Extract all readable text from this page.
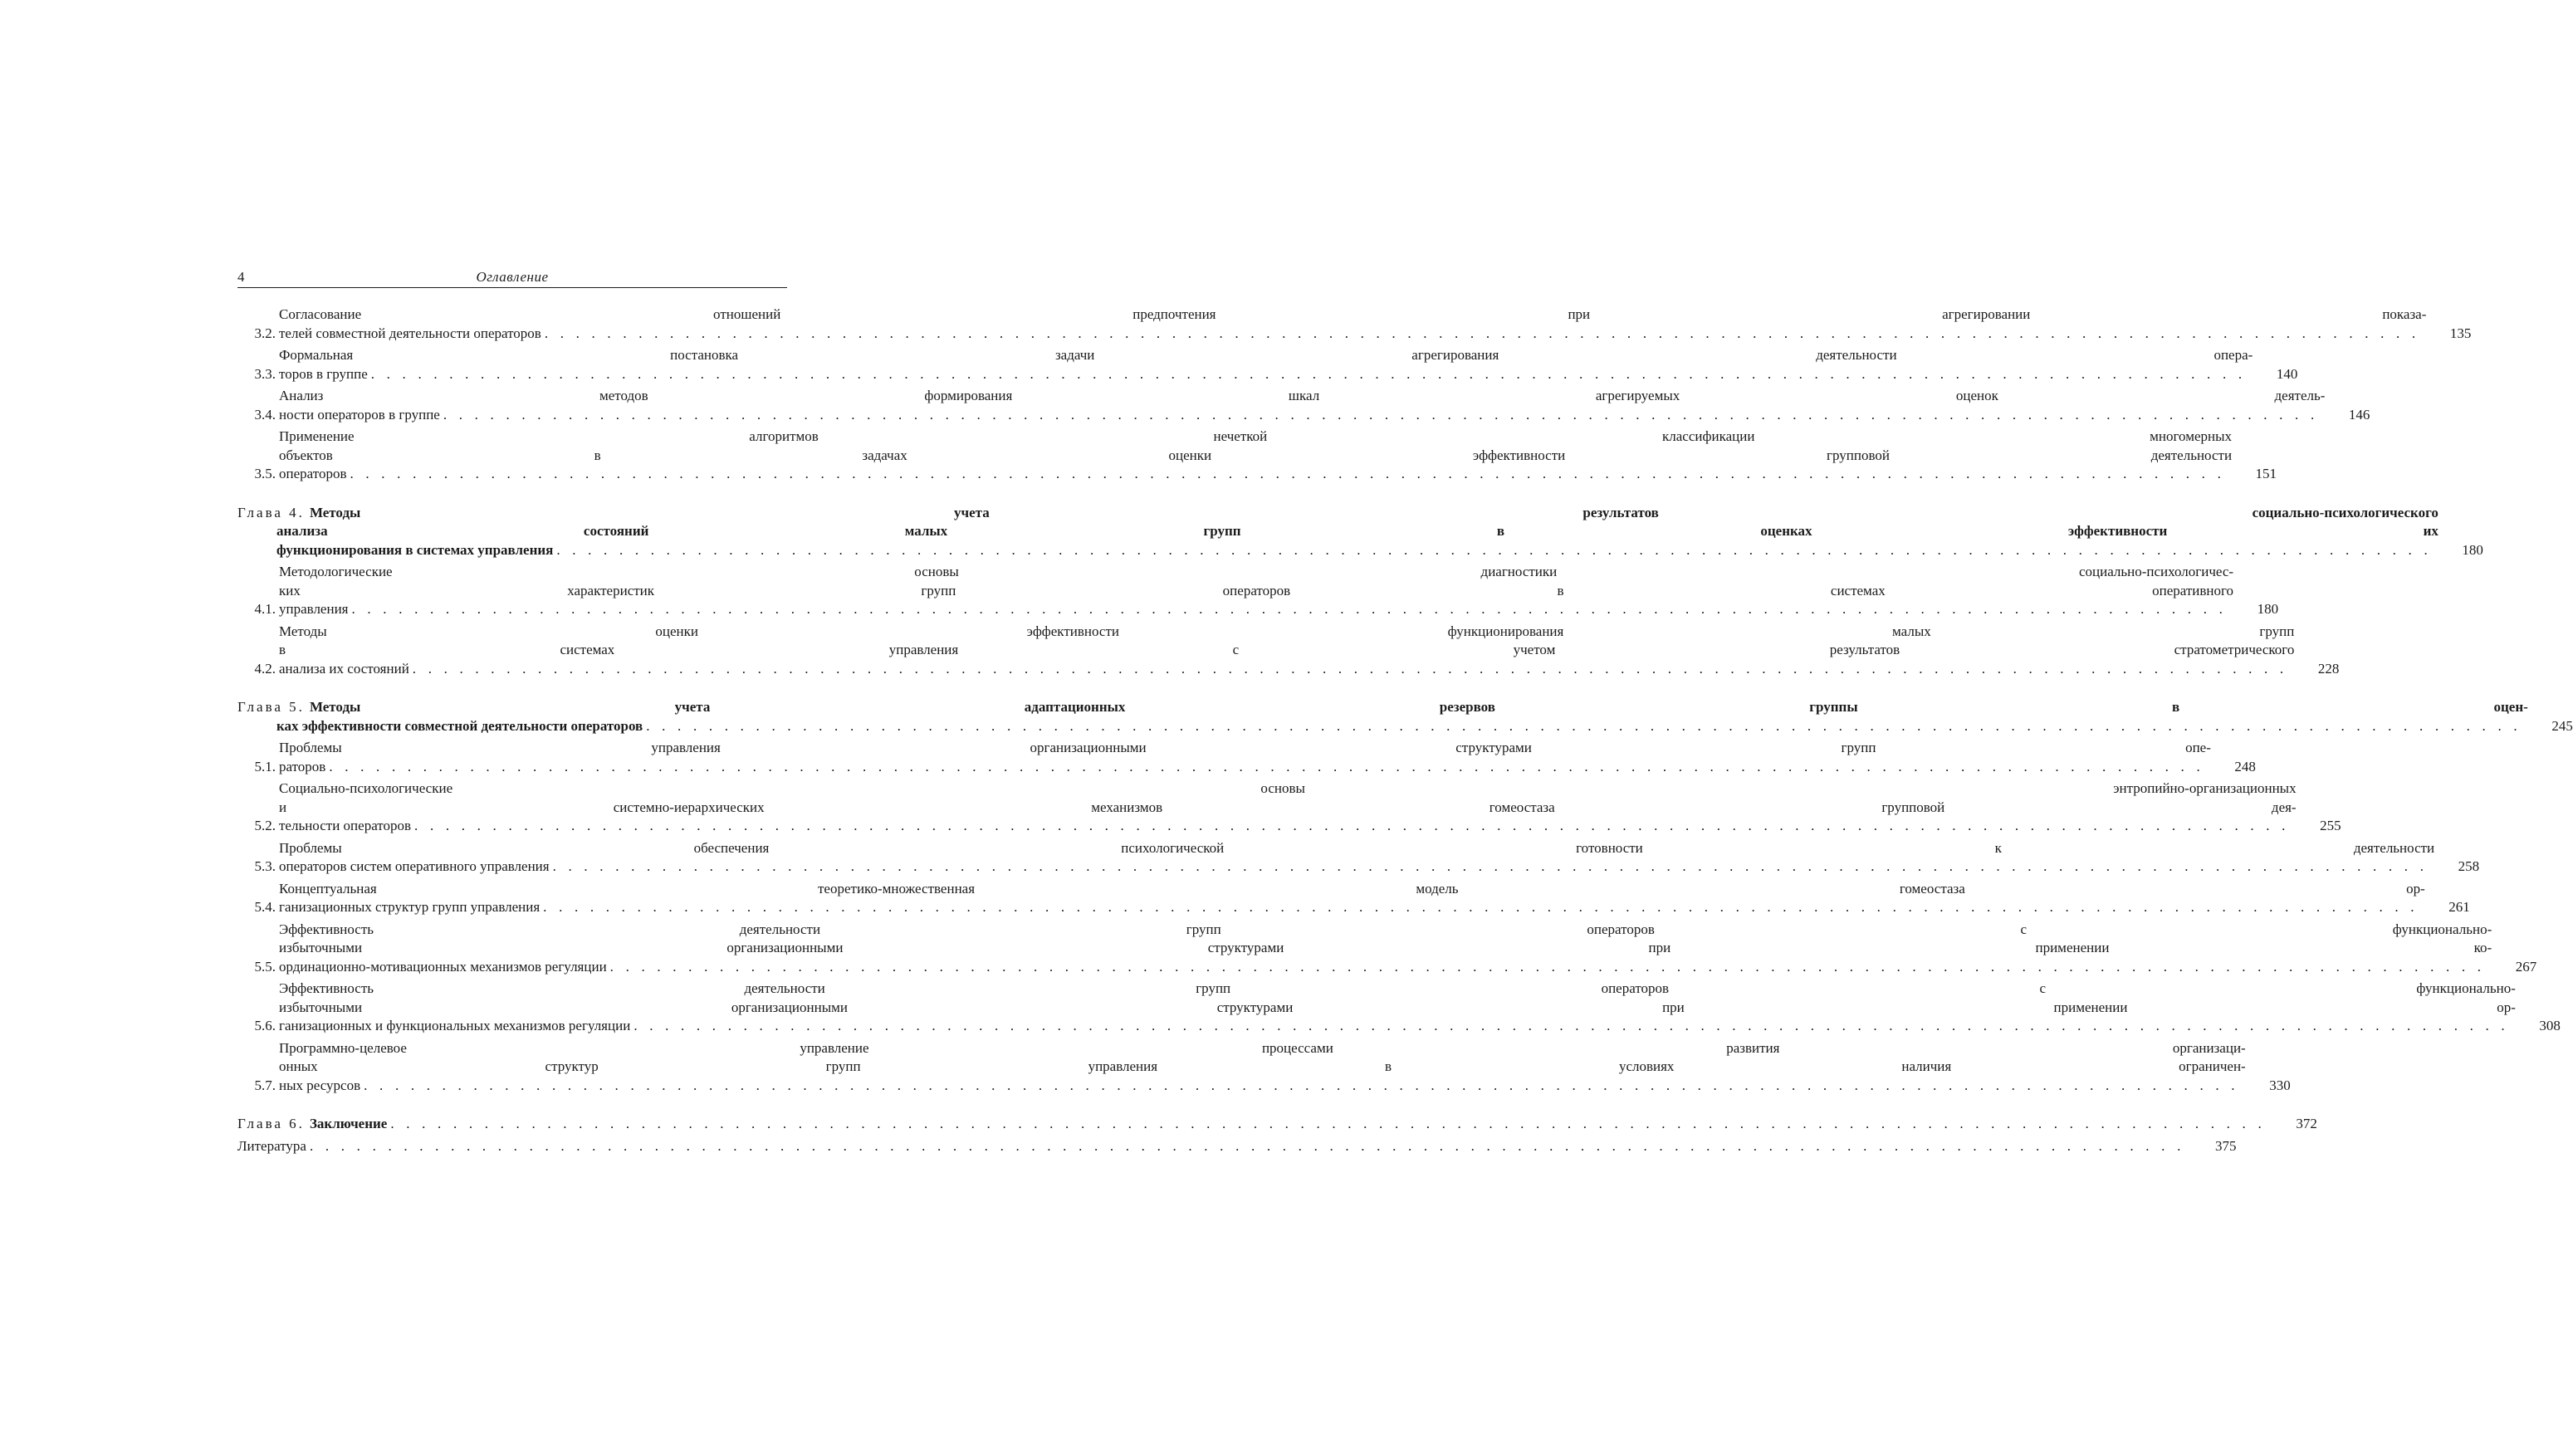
4	Оглавление
3.2.
Согласование отношений предпочтения при агрегировании показа-
телей совместной деятельности операторов . . . . . . . . . . . . . . . . . . . . . . . . . . . . . . . . . . . . . . . . . . . . . . . . . . . . . . . . . . . . . . . . . . . . . . . . . . . . . . . . . . . . . . . . . . . . . . . . . . . . . . . . . . . . . . . . . . . . . . . .	135
3.3.
Формальная постановка задачи агрегирования деятельности опера-
торов в группе . . . . . . . . . . . . . . . . . . . . . . . . . . . . . . . . . . . . . . . . . . . . . . . . . . . . . . . . . . . . . . . . . . . . . . . . . . . . . . . . . . . . . . . . . . . . . . . . . . . . . . . . . . . . . . . . . . . . . . . .	140
3.4.
Анализ методов формирования шкал агрегируемых оценок деятель-
ности операторов в группе . . . . . . . . . . . . . . . . . . . . . . . . . . . . . . . . . . . . . . . . . . . . . . . . . . . . . . . . . . . . . . . . . . . . . . . . . . . . . . . . . . . . . . . . . . . . . . . . . . . . . . . . . . . . . . . . . . . . . . . .	146
3.5.
Применение алгоритмов нечеткой классификации многомерных
объектов в задачах оценки эффективности групповой деятельности
операторов . . . . . . . . . . . . . . . . . . . . . . . . . . . . . . . . . . . . . . . . . . . . . . . . . . . . . . . . . . . . . . . . . . . . . . . . . . . . . . . . . . . . . . . . . . . . . . . . . . . . . . . . . . . . . . . . . . . . . . . .	151
Глава 4. Методы учета результатов социально-психологического
анализа состояний малых групп в оценках эффективности их
функционирования в системах управления . . . . . . . . . . . . . . . . . . . . . . . . . . . . . . . . . . . . . . . . . . . . . . . . . . . . . . . . . . . . . . . . . . . . . . . . . . . . . . . . . . . . . . . . . . . . . . . . . . . . . . . . . . . . . . . . . . . . . . . .	180
4.1.
Методологические основы диагностики социально-психологичес-
ких характеристик групп операторов в системах оперативного
управления . . . . . . . . . . . . . . . . . . . . . . . . . . . . . . . . . . . . . . . . . . . . . . . . . . . . . . . . . . . . . . . . . . . . . . . . . . . . . . . . . . . . . . . . . . . . . . . . . . . . . . . . . . . . . . . . . . . . . . . .	180
4.2.
Методы оценки эффективности функционирования малых групп
в системах управления с учетом результатов стратометрического
анализа их состояний . . . . . . . . . . . . . . . . . . . . . . . . . . . . . . . . . . . . . . . . . . . . . . . . . . . . . . . . . . . . . . . . . . . . . . . . . . . . . . . . . . . . . . . . . . . . . . . . . . . . . . . . . . . . . . . . . . . . . . . .	228
Глава 5. Методы учета адаптационных резервов группы в оцен-
ках эффективности совместной деятельности операторов . . . . . . . . . . . . . . . . . . . . . . . . . . . . . . . . . . . . . . . . . . . . . . . . . . . . . . . . . . . . . . . . . . . . . . . . . . . . . . . . . . . . . . . . . . . . . . . . . . . . . . . . . . . . . . . . . . . . . . . .	245
5.1.
Проблемы управления организационными структурами групп опе-
раторов . . . . . . . . . . . . . . . . . . . . . . . . . . . . . . . . . . . . . . . . . . . . . . . . . . . . . . . . . . . . . . . . . . . . . . . . . . . . . . . . . . . . . . . . . . . . . . . . . . . . . . . . . . . . . . . . . . . . . . . .	248
5.2.
Социально-психологические основы энтропийно-организационных
и системно-иерархических механизмов гомеостаза групповой дея-
тельности операторов . . . . . . . . . . . . . . . . . . . . . . . . . . . . . . . . . . . . . . . . . . . . . . . . . . . . . . . . . . . . . . . . . . . . . . . . . . . . . . . . . . . . . . . . . . . . . . . . . . . . . . . . . . . . . . . . . . . . . . . .	255
5.3.
Проблемы обеспечения психологической готовности к деятельности
операторов систем оперативного управления . . . . . . . . . . . . . . . . . . . . . . . . . . . . . . . . . . . . . . . . . . . . . . . . . . . . . . . . . . . . . . . . . . . . . . . . . . . . . . . . . . . . . . . . . . . . . . . . . . . . . . . . . . . . . . . . . . . . . . . .	258
5.4.
Концептуальная теоретико-множественная модель гомеостаза ор-
ганизационных структур групп управления . . . . . . . . . . . . . . . . . . . . . . . . . . . . . . . . . . . . . . . . . . . . . . . . . . . . . . . . . . . . . . . . . . . . . . . . . . . . . . . . . . . . . . . . . . . . . . . . . . . . . . . . . . . . . . . . . . . . . . . .	261
5.5.
Эффективность деятельности групп операторов с функционально-
избыточными организационными структурами при применении ко-
ординационно-мотивационных механизмов регуляции . . . . . . . . . . . . . . . . . . . . . . . . . . . . . . . . . . . . . . . . . . . . . . . . . . . . . . . . . . . . . . . . . . . . . . . . . . . . . . . . . . . . . . . . . . . . . . . . . . . . . . . . . . . . . . . . . . . . . . . .	267
5.6.
Эффективность деятельности групп операторов с функционально-
избыточными организационными структурами при применении ор-
ганизационных и функциональных механизмов регуляции . . . . . . . . . . . . . . . . . . . . . . . . . . . . . . . . . . . . . . . . . . . . . . . . . . . . . . . . . . . . . . . . . . . . . . . . . . . . . . . . . . . . . . . . . . . . . . . . . . . . . . . . . . . . . . . . . . . . . . . .	308
5.7.
Программно-целевое управление процессами развития организаци-
онных структур групп управления в условиях наличия ограничен-
ных ресурсов . . . . . . . . . . . . . . . . . . . . . . . . . . . . . . . . . . . . . . . . . . . . . . . . . . . . . . . . . . . . . . . . . . . . . . . . . . . . . . . . . . . . . . . . . . . . . . . . . . . . . . . . . . . . . . . . . . . . . . . .	330
Глава 6. Заключение . . . . . . . . . . . . . . . . . . . . . . . . . . . . . . . . . . . . . . . . . . . . . . . . . . . . . . . . . . . . . . . . . . . . . . . . . . . . . . . . . . . . . . . . . . . . . . . . . . . . . . . . . . . . . . . . . . . . . . . .	372
Литература . . . . . . . . . . . . . . . . . . . . . . . . . . . . . . . . . . . . . . . . . . . . . . . . . . . . . . . . . . . . . . . . . . . . . . . . . . . . . . . . . . . . . . . . . . . . . . . . . . . . . . . . . . . . . . . . . . . . . . . .	375
